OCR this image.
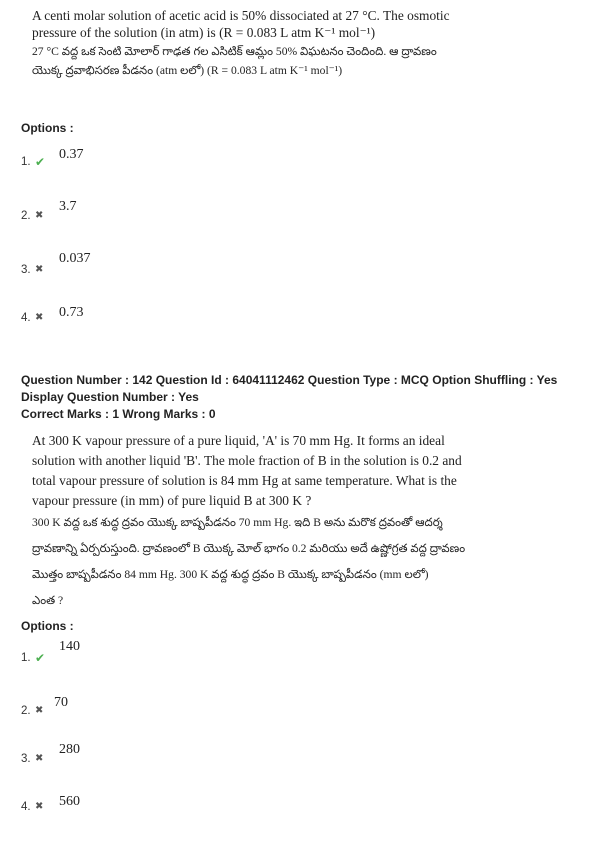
A centi molar solution of acetic acid is 50% dissociated at 27 °C. The osmotic
pressure of the solution (in atm) is (R = 0.083 L atm K⁻¹ mol⁻¹)
27 °C వద్ద ఒక సెంటి మోలార్ గాఢత గల ఎసిటిక్ ఆమ్లం 50% విఘటనం చెందింది. ఆ ద్రావణం
యొక్క ద్రవాభిసరణ పీడనం (atm లలో) (R = 0.083 L atm K⁻¹ mol⁻¹)
Options :
1. ✔ 0.37
2. ✖
3.7
3. ✖
0.037
4. ✖ 0.73
Question Number : 142 Question Id : 64041112462 Question Type : MCQ Option Shuffling : Yes
Display Question Number : Yes
Correct Marks : 1 Wrong Marks : 0
At 300 K vapour pressure of a pure liquid, 'A' is 70 mm Hg. It forms an ideal
solution with another liquid 'B'. The mole fraction of B in the solution is 0.2 and
total vapour pressure of solution is 84 mm Hg at same temperature. What is the
vapour pressure (in mm) of pure liquid B at 300 K ?
300 K వద్ద ఒక శుద్ధ ద్రవం యొక్క బాష్పపీడనం 70 mm Hg. ఇది B అను మరొక ద్రవంతో ఆదర్శ
ద్రావణాన్ని ఏర్పరుస్తుంది. ద్రావణంలో B యొక్క మోల్ భాగం 0.2 మరియు అదే ఉష్ణోగ్రత వద్ద ద్రావణం
మొత్తం బాష్పపీడనం 84 mm Hg. 300 K వద్ద శుద్ధ ద్రవం B యొక్క బాష్పపీడనం (mm లలో)
ఎంత ?
Options :
1. ✔
140
2. ✖
70
3. ✖
280
4. ✖ 560
